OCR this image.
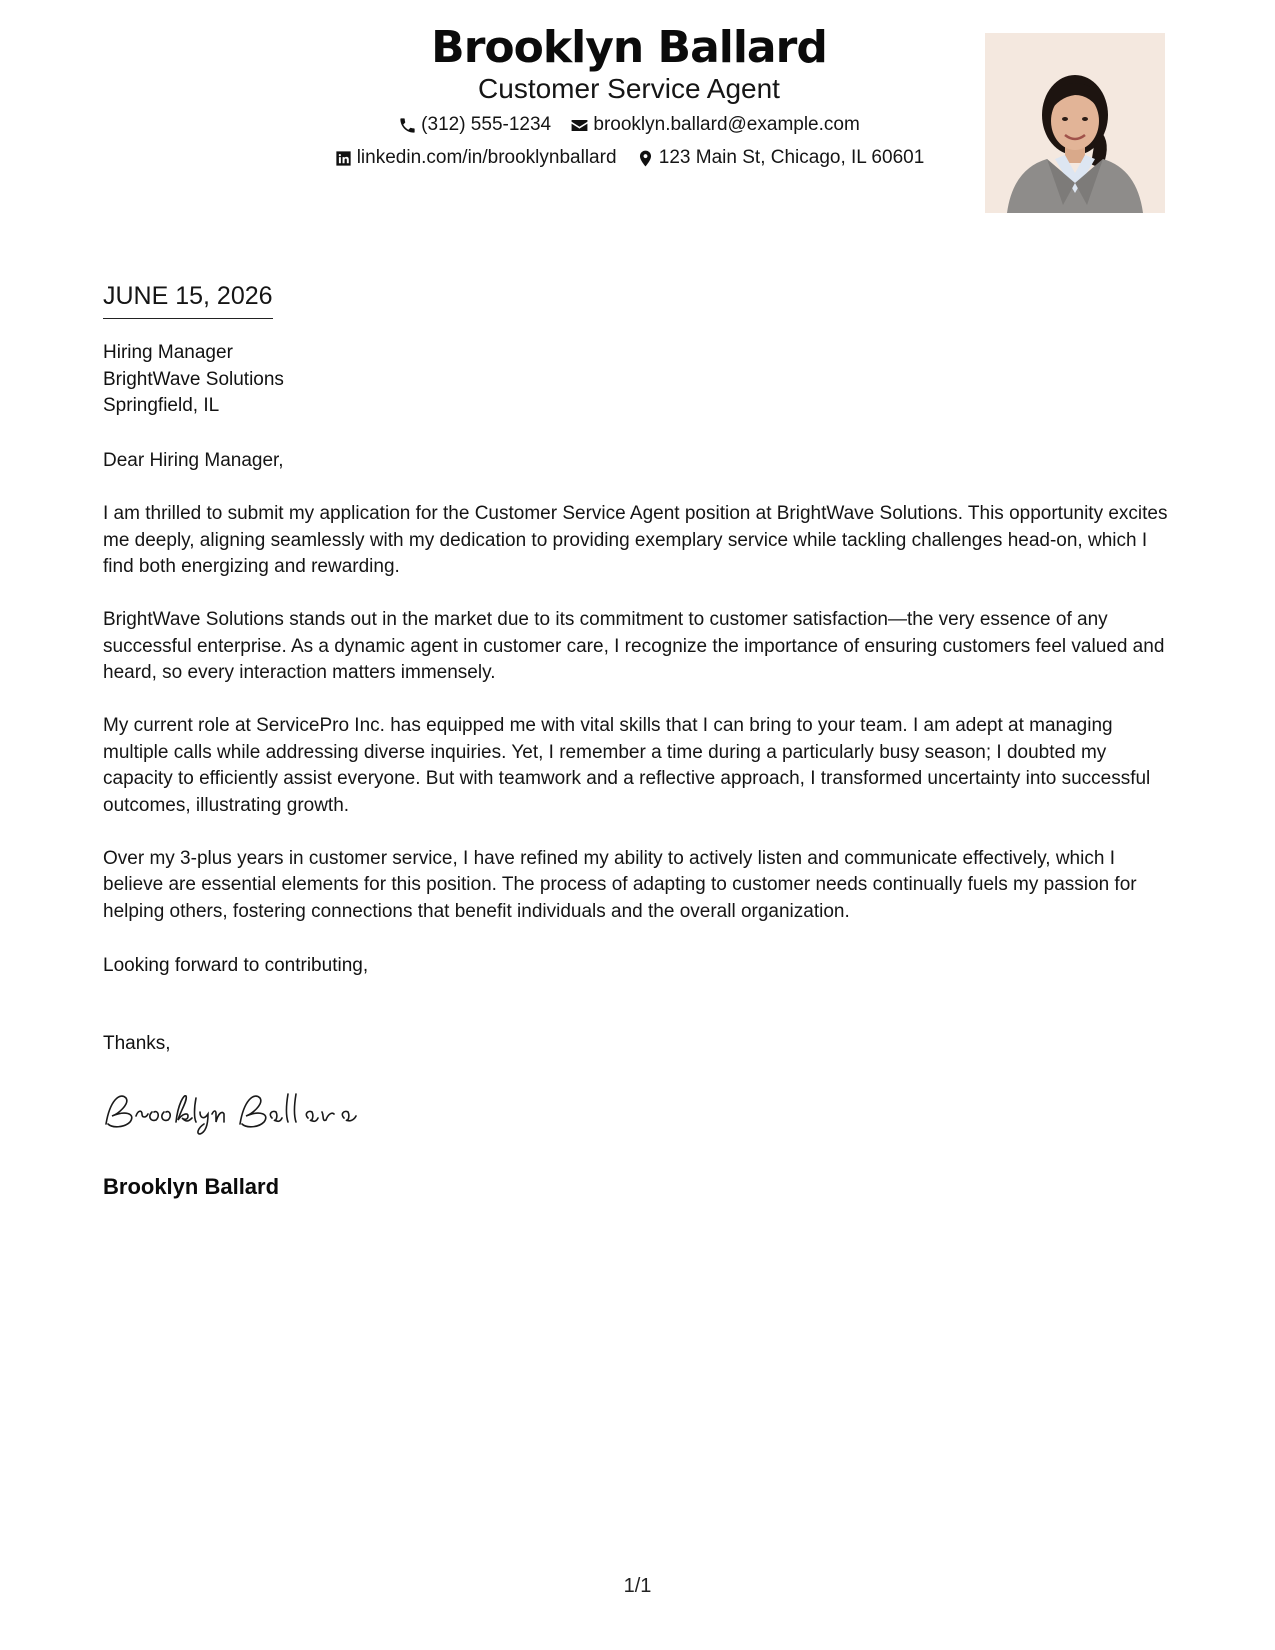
Brooklyn Ballard
Customer Service Agent
(312) 555-1234
brooklyn.ballard@example.com
linkedin.com/in/brooklynballard
123 Main St, Chicago, IL 60601
JUNE 15, 2026
Hiring Manager
BrightWave Solutions
Springfield, IL

Dear Hiring Manager,

I am thrilled to submit my application for the Customer Service Agent position at BrightWave Solutions. This opportunity excites me deeply, aligning seamlessly with my dedication to providing exemplary service while tackling challenges head-on, which I find both energizing and rewarding.

BrightWave Solutions stands out in the market due to its commitment to customer satisfaction—the very essence of any successful enterprise. As a dynamic agent in customer care, I recognize the importance of ensuring customers feel valued and heard, so every interaction matters immensely.

My current role at ServicePro Inc. has equipped me with vital skills that I can bring to your team. I am adept at managing multiple calls while addressing diverse inquiries. Yet, I remember a time during a particularly busy season; I doubted my capacity to efficiently assist everyone. But with teamwork and a reflective approach, I transformed uncertainty into successful outcomes, illustrating growth.

Over my 3-plus years in customer service, I have refined my ability to actively listen and communicate effectively, which I believe are essential elements for this position. The process of adapting to customer needs continually fuels my passion for helping others, fostering connections that benefit individuals and the overall organization.

Looking forward to contributing,
Thanks,
Brooklyn Ballard
1/1
